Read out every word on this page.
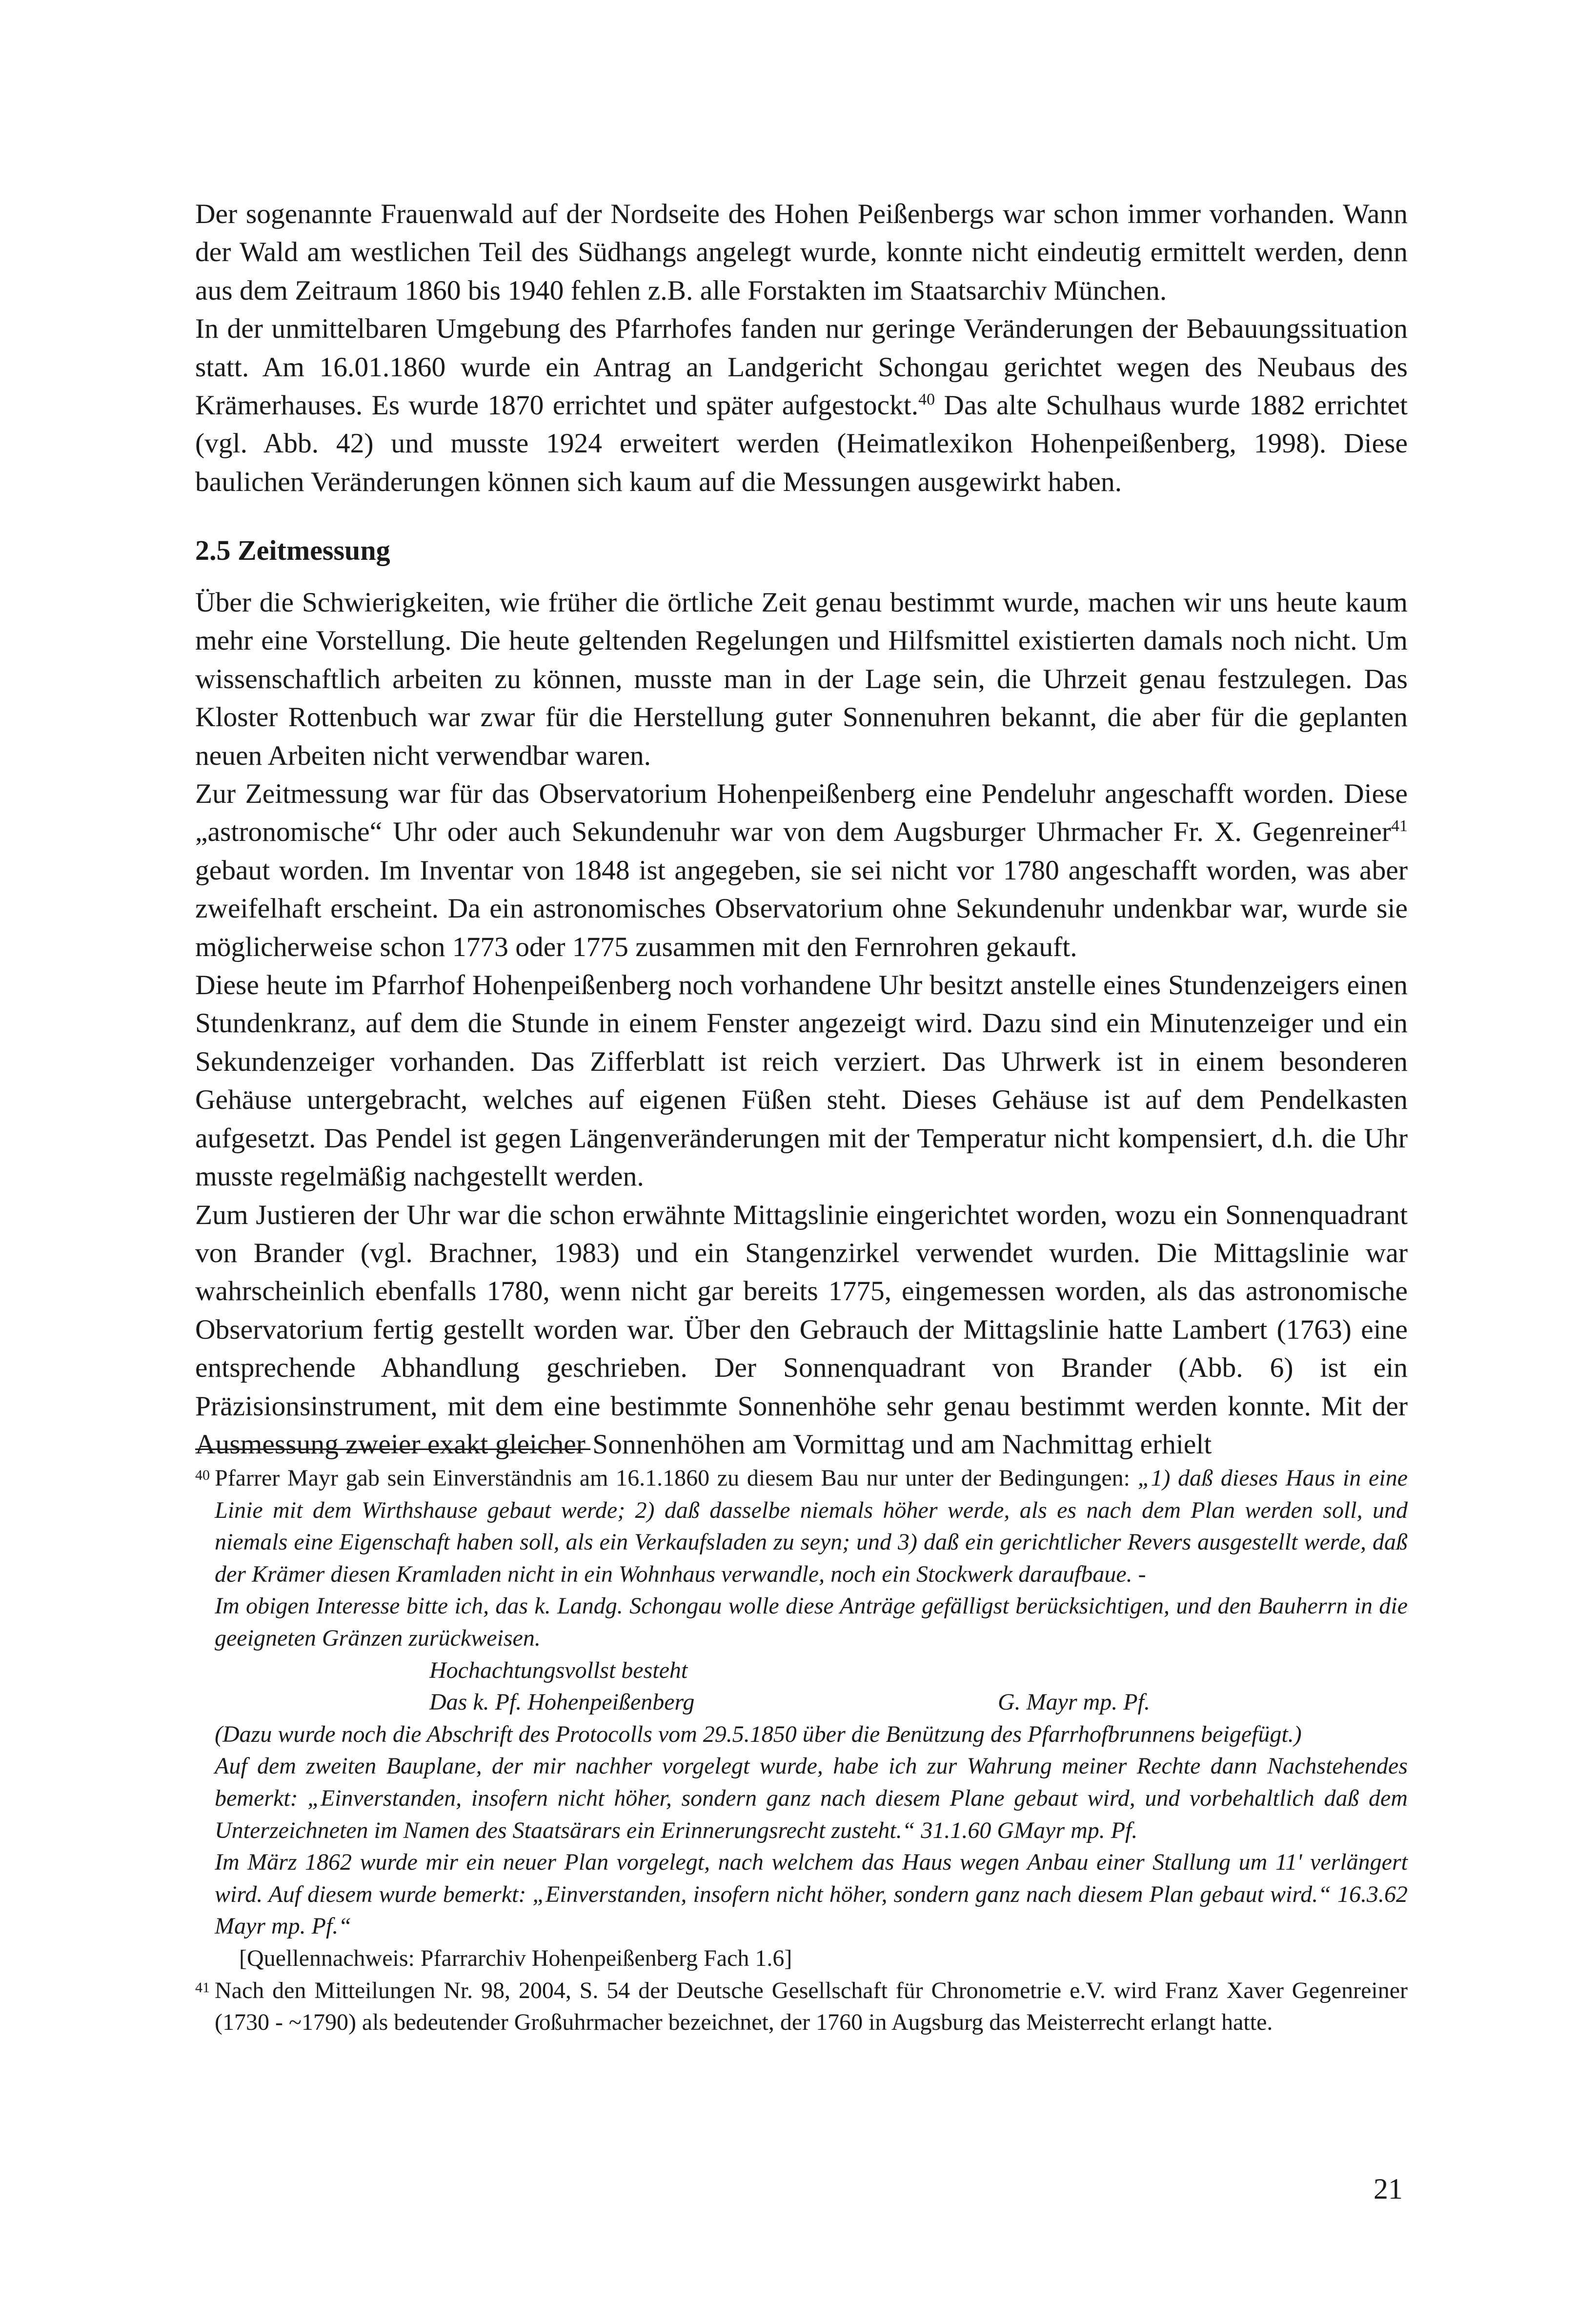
Der sogenannte Frauenwald auf der Nordseite des Hohen Peißenbergs war schon immer vorhanden. Wann der Wald am westlichen Teil des Südhangs angelegt wurde, konnte nicht eindeutig ermittelt werden, denn aus dem Zeitraum 1860 bis 1940 fehlen z.B. alle Forstakten im Staatsarchiv München.

In der unmittelbaren Umgebung des Pfarrhofes fanden nur geringe Veränderungen der Bebauungssituation statt. Am 16.01.1860 wurde ein Antrag an Landgericht Schongau gerichtet wegen des Neubaus des Krämerhauses. Es wurde 1870 errichtet und später aufgestockt.$^{40}$ Das alte Schulhaus wurde 1882 errichtet (vgl. Abb. 42) und musste 1924 erweitert werden (Heimatlexikon Hohenpeißenberg, 1998). Diese baulichen Veränderungen können sich kaum auf die Messungen ausgewirkt haben.

2.5 Zeitmessung

Über die Schwierigkeiten, wie früher die örtliche Zeit genau bestimmt wurde, machen wir uns heute kaum mehr eine Vorstellung. Die heute geltenden Regelungen und Hilfsmittel existierten damals noch nicht. Um wissenschaftlich arbeiten zu können, musste man in der Lage sein, die Uhrzeit genau festzulegen. Das Kloster Rottenbuch war zwar für die Herstellung guter Sonnenuhren bekannt, die aber für die geplanten neuen Arbeiten nicht verwendbar waren.

Zur Zeitmessung war für das Observatorium Hohenpeißenberg eine Pendeluhr angeschafft worden. Diese „astronomische“ Uhr oder auch Sekundenuhr war von dem Augsburger Uhrmacher Fr. X. Gegenreiner$^{41}$ gebaut worden. Im Inventar von 1848 ist angegeben, sie sei nicht vor 1780 angeschafft worden, was aber zweifelhaft erscheint. Da ein astronomisches Observatorium ohne Sekundenuhr undenkbar war, wurde sie möglicherweise schon 1773 oder 1775 zusammen mit den Fernrohren gekauft.

Diese heute im Pfarrhof Hohenpeißenberg noch vorhandene Uhr besitzt anstelle eines Stundenzeigers einen Stundenkranz, auf dem die Stunde in einem Fenster angezeigt wird. Dazu sind ein Minutenzeiger und ein Sekundenzeiger vorhanden. Das Zifferblatt ist reich verziert. Das Uhrwerk ist in einem besonderen Gehäuse untergebracht, welches auf eigenen Füßen steht. Dieses Gehäuse ist auf dem Pendelkasten aufgesetzt. Das Pendel ist gegen Längenveränderungen mit der Temperatur nicht kompensiert, d.h. die Uhr musste regelmäßig nachgestellt werden.

Zum Justieren der Uhr war die schon erwähnte Mittagslinie eingerichtet worden, wozu ein Sonnenquadrant von Brander (vgl. Brachner, 1983) und ein Stangenzirkel verwendet wurden. Die Mittagslinie war wahrscheinlich ebenfalls 1780, wenn nicht gar bereits 1775, eingemessen worden, als das astronomische Observatorium fertig gestellt worden war. Über den Gebrauch der Mittagslinie hatte Lambert (1763) eine entsprechende Abhandlung geschrieben. Der Sonnenquadrant von Brander (Abb. 6) ist ein Präzisionsinstrument, mit dem eine bestimmte Sonnenhöhe sehr genau bestimmt werden konnte. Mit der Ausmessung zweier exakt gleicher Sonnenhöhen am Vormittag und am Nachmittag erhielt

40 Pfarrer Mayr gab sein Einverständnis am 16.1.1860 zu diesem Bau nur unter der Bedingungen: „1) daß dieses Haus in eine Linie mit dem Wirthshause gebaut werde; 2) daß dasselbe niemals höher werde, als es nach dem Plan werden soll, und niemals eine Eigenschaft haben soll, als ein Verkaufsladen zu seyn; und 3) daß ein gerichtlicher Revers ausgestellt werde, daß der Krämer diesen Kramladen nicht in ein Wohnhaus verwandle, noch ein Stockwerk daraufbaue. -

Im obigen Interesse bitte ich, das k. Landg. Schongau wolle diese Anträge gefälligst berücksichtigen, und den Bauherrn in die geeigneten Gränzen zurückweisen.

Hochachtungsvollst besteht

Das k. Pf. Hohenpeißenberg	G. Mayr mp. Pf.

(Dazu wurde noch die Abschrift des Protocolls vom 29.5.1850 über die Benützung des Pfarrhofbrunnens beigefügt.)

Auf dem zweiten Bauplane, der mir nachher vorgelegt wurde, habe ich zur Wahrung meiner Rechte dann Nachstehendes bemerkt: „Einverstanden, insofern nicht höher, sondern ganz nach diesem Plane gebaut wird, und vorbehaltlich daß dem Unterzeichneten im Namen des Staatsärars ein Erinnerungsrecht zusteht.“ 31.1.60 GMayr mp. Pf.

Im März 1862 wurde mir ein neuer Plan vorgelegt, nach welchem das Haus wegen Anbau einer Stallung um 11' verlängert wird. Auf diesem wurde bemerkt: „Einverstanden, insofern nicht höher, sondern ganz nach diesem Plan gebaut wird.“ 16.3.62 Mayr mp. Pf.“

[Quellennachweis: Pfarrarchiv Hohenpeißenberg Fach 1.6]

41 Nach den Mitteilungen Nr. 98, 2004, S. 54 der Deutsche Gesellschaft für Chronometrie e.V. wird Franz Xaver Gegenreiner (1730 - ~1790) als bedeutender Großuhrmacher bezeichnet, der 1760 in Augsburg das Meisterrecht erlangt hatte.

21
